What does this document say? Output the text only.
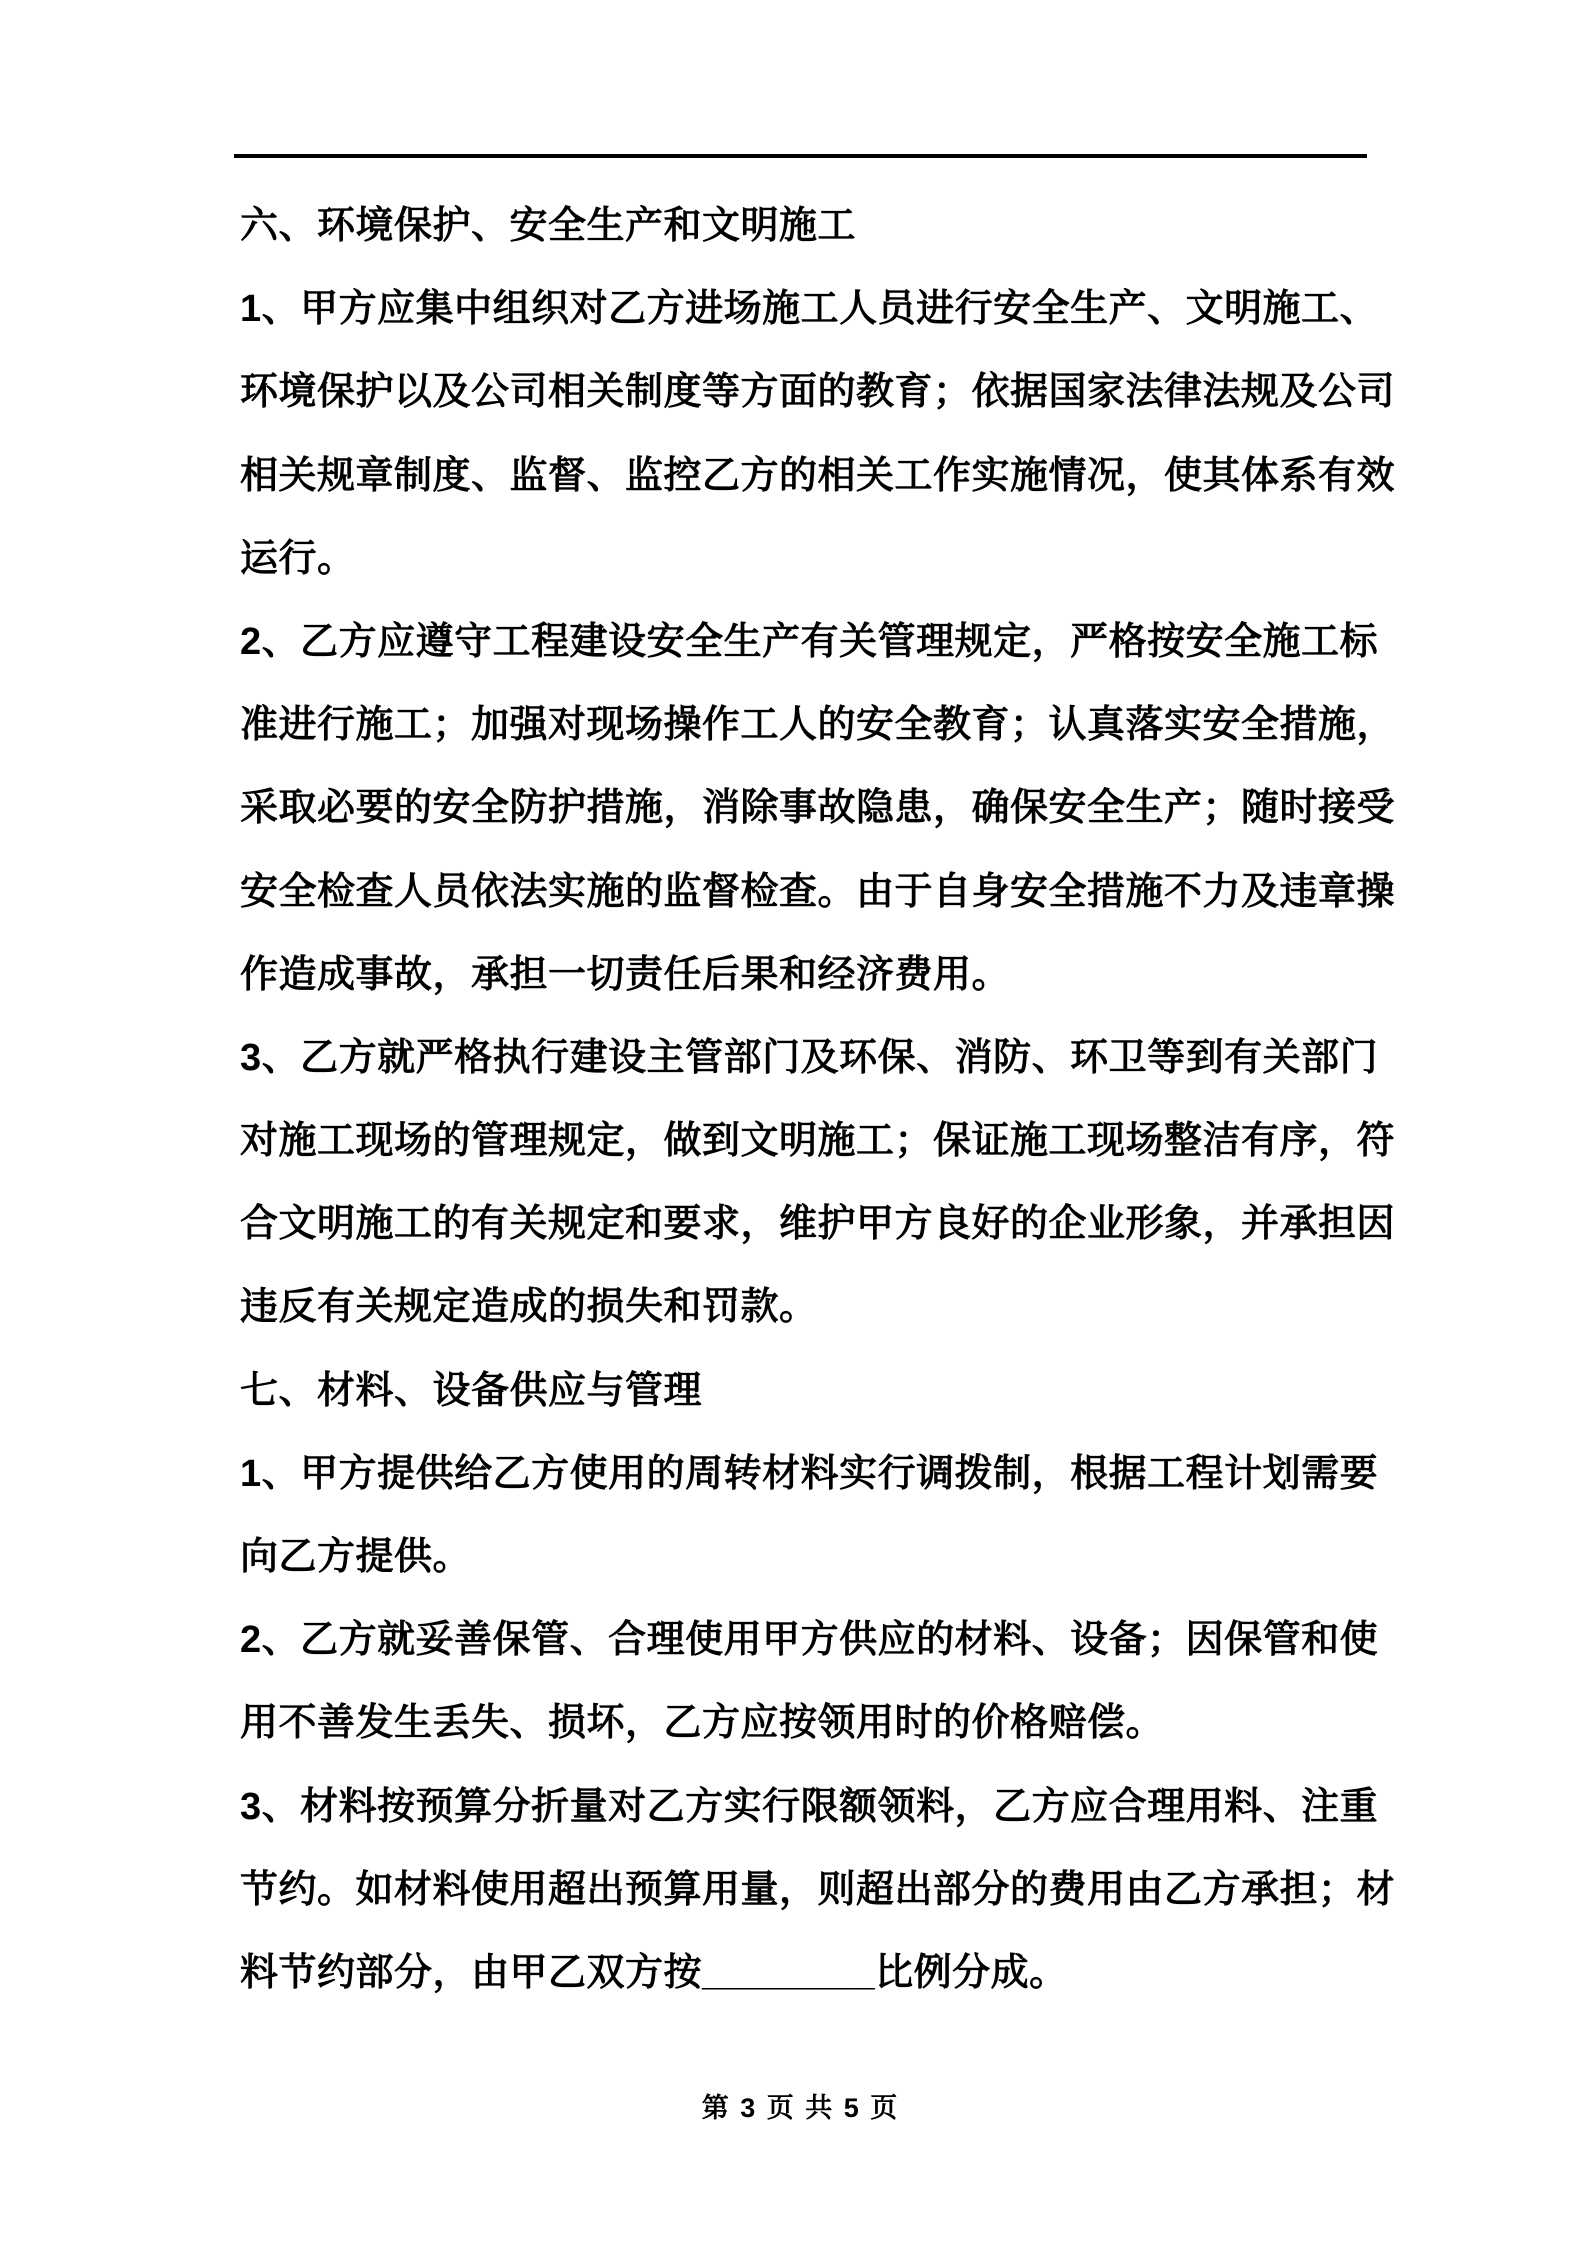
六、环境保护、安全生产和文明施工
1、甲方应集中组织对乙方进场施工人员进行安全生产、文明施工、
环境保护以及公司相关制度等方面的教育；依据国家法律法规及公司
相关规章制度、监督、监控乙方的相关工作实施情况，使其体系有效
运行。
2、乙方应遵守工程建设安全生产有关管理规定，严格按安全施工标
准进行施工；加强对现场操作工人的安全教育；认真落实安全措施，
采取必要的安全防护措施，消除事故隐患，确保安全生产；随时接受
安全检查人员依法实施的监督检查。由于自身安全措施不力及违章操
作造成事故，承担一切责任后果和经济费用。
3、乙方就严格执行建设主管部门及环保、消防、环卫等到有关部门
对施工现场的管理规定，做到文明施工；保证施工现场整洁有序，符
合文明施工的有关规定和要求，维护甲方良好的企业形象，并承担因
违反有关规定造成的损失和罚款。
七、材料、设备供应与管理
1、甲方提供给乙方使用的周转材料实行调拨制，根据工程计划需要
向乙方提供。
2、乙方就妥善保管、合理使用甲方供应的材料、设备；因保管和使
用不善发生丢失、损坏，乙方应按领用时的价格赔偿。
3、材料按预算分折量对乙方实行限额领料，乙方应合理用料、注重
节约。如材料使用超出预算用量，则超出部分的费用由乙方承担；材
料节约部分，由甲乙双方按________比例分成。
第 3 页 共 5 页
